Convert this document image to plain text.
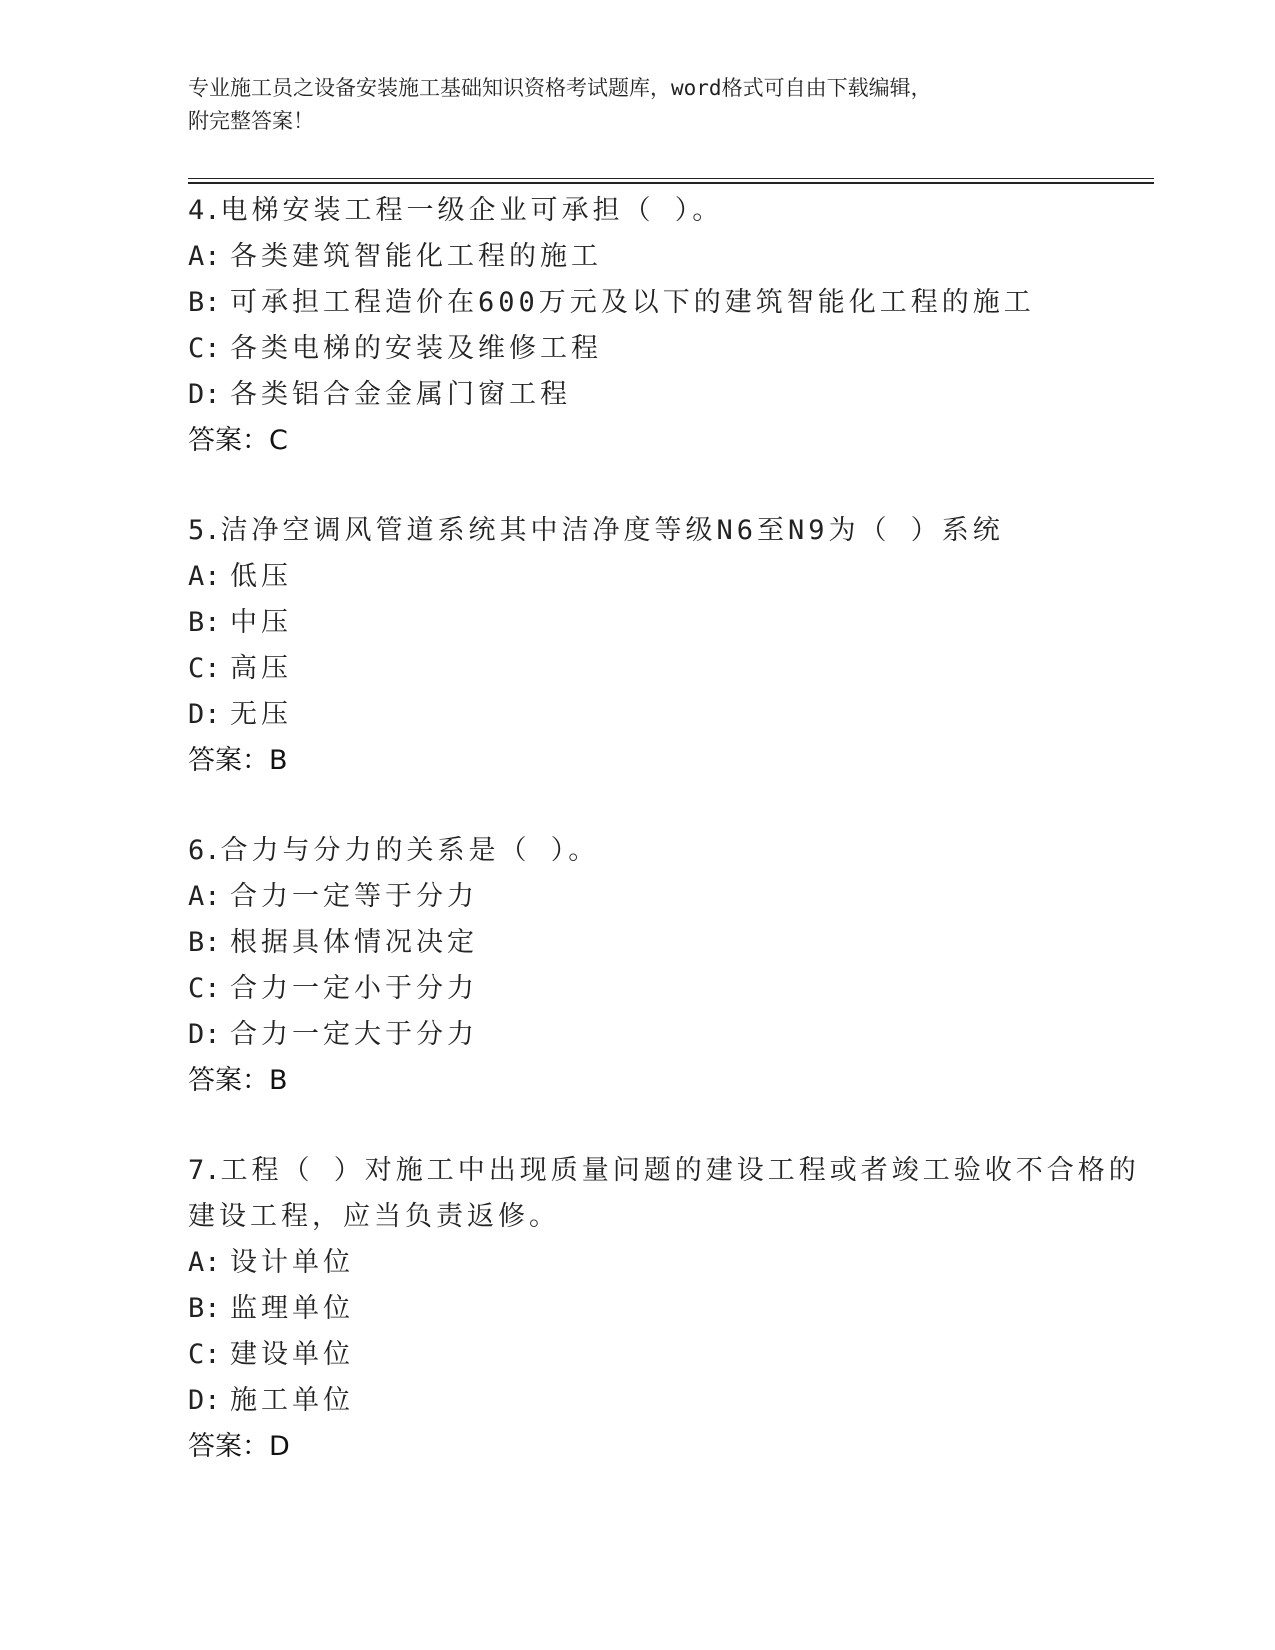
专业施工员之设备安装施工基础知识资格考试题库，word格式可自由下载编辑，
附完整答案！
4.电梯安装工程一级企业可承担（ ）。
A: 各类建筑智能化工程的施工
B: 可承担工程造价在600万元及以下的建筑智能化工程的施工
C: 各类电梯的安装及维修工程
D: 各类铝合金金属门窗工程
答案：C
5.洁净空调风管道系统其中洁净度等级N6至N9为（ ）系统
A: 低压
B: 中压
C: 高压
D: 无压
答案：B
6.合力与分力的关系是（ ）。
A: 合力一定等于分力
B: 根据具体情况决定
C: 合力一定小于分力
D: 合力一定大于分力
答案：B
7.工程（ ）对施工中出现质量问题的建设工程或者竣工验收不合格的
建设工程，应当负责返修。
A: 设计单位
B: 监理单位
C: 建设单位
D: 施工单位
答案：D
